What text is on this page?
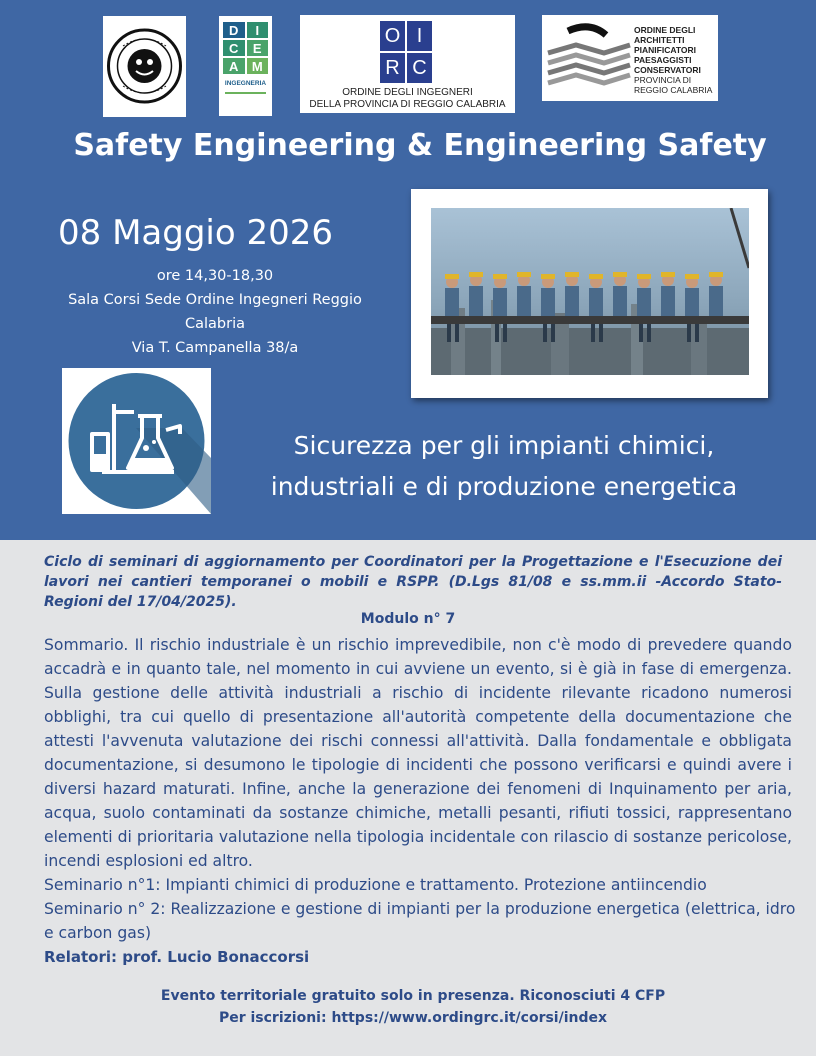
D	I
C	E
A	M
INGEGNERIA
O I
R C
ORDINE DEGLI INGEGNERI
DELLA PROVINCIA DI REGGIO CALABRIA
ORDINE DEGLI
ARCHITETTI
PIANIFICATORI
PAESAGGISTI
CONSERVATORI
PROVINCIA DI
REGGIO CALABRIA
Safety Engineering & Engineering Safety
08 Maggio 2026
ore 14,30-18,30
Sala Corsi Sede Ordine Ingegneri Reggio Calabria
Via T. Campanella 38/a
Sicurezza per gli impianti chimici,
industriali e di produzione energetica
Ciclo di seminari di aggiornamento per Coordinatori per la Progettazione e l'Esecuzione dei lavori nei cantieri temporanei o mobili e RSPP. (D.Lgs 81/08 e ss.mm.ii -Accordo Stato-Regioni del 17/04/2025).
Modulo n° 7
Sommario. Il rischio industriale è un rischio imprevedibile, non c'è modo di prevedere quando accadrà e in quanto tale, nel momento in cui avviene un evento, si è già in fase di emergenza. Sulla gestione delle attività industriali a rischio di incidente rilevante ricadono numerosi obblighi, tra cui quello di presentazione all'autorità competente della documentazione che attesti l'avvenuta valutazione dei rischi connessi all'attività. Dalla fondamentale e obbligata documentazione, si desumono le tipologie di incidenti che possono verificarsi e quindi avere i diversi hazard maturati. Infine, anche la generazione dei fenomeni di Inquinamento per aria, acqua, suolo contaminati da sostanze chimiche, metalli pesanti, rifiuti tossici, rappresentano elementi di prioritaria valutazione nella tipologia incidentale con rilascio di sostanze pericolose, incendi esplosioni ed altro.
Seminario n°1: Impianti chimici di produzione e trattamento. Protezione antiincendio
Seminario n° 2: Realizzazione e gestione di impianti per la produzione energetica (elettrica, idro e carbon gas)
Relatori: prof. Lucio Bonaccorsi
Evento territoriale gratuito solo in presenza. Riconosciuti 4 CFP
Per iscrizioni: https://www.ordingrc.it/corsi/index
